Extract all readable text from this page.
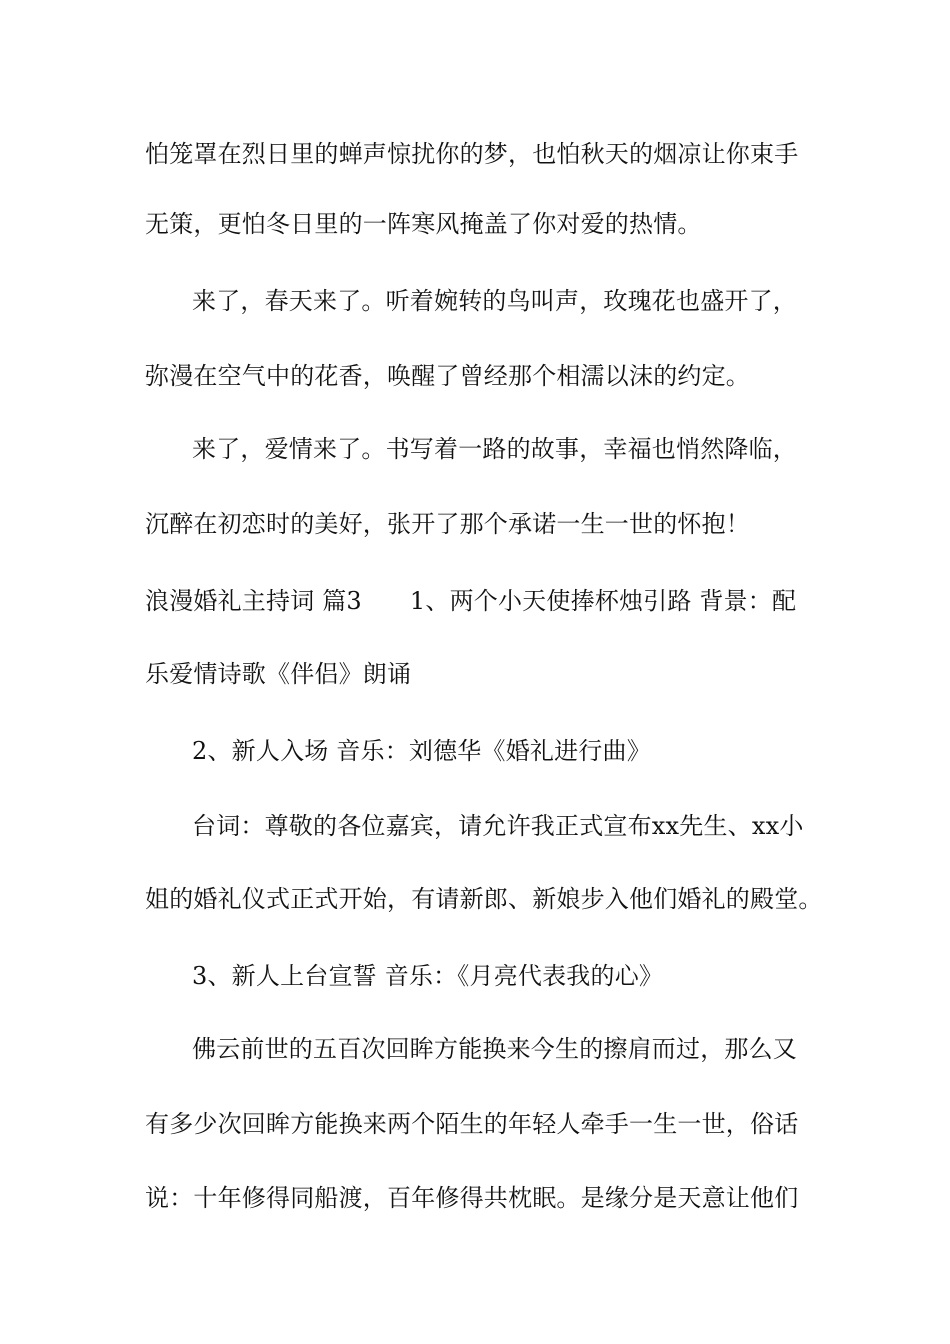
怕笼罩在烈日里的蝉声惊扰你的梦，也怕秋天的烟凉让你束手
无策，更怕冬日里的一阵寒风掩盖了你对爱的热情。
来了，春天来了。听着婉转的鸟叫声，玫瑰花也盛开了，
弥漫在空气中的花香，唤醒了曾经那个相濡以沫的约定。
来了，爱情来了。书写着一路的故事，幸福也悄然降临，
沉醉在初恋时的美好，张开了那个承诺一生一世的怀抱！
浪漫婚礼主持词 篇3 1、两个小天使捧杯烛引路 背景：配
乐爱情诗歌《伴侣》朗诵
2、新人入场 音乐：刘德华《婚礼进行曲》
台词：尊敬的各位嘉宾，请允许我正式宣布xx先生、xx小
姐的婚礼仪式正式开始，有请新郎、新娘步入他们婚礼的殿堂。
3、新人上台宣誓 音乐：《月亮代表我的心》
佛云前世的五百次回眸方能换来今生的擦肩而过，那么又
有多少次回眸方能换来两个陌生的年轻人牵手一生一世，俗话
说：十年修得同船渡，百年修得共枕眠。是缘分是天意让他们
